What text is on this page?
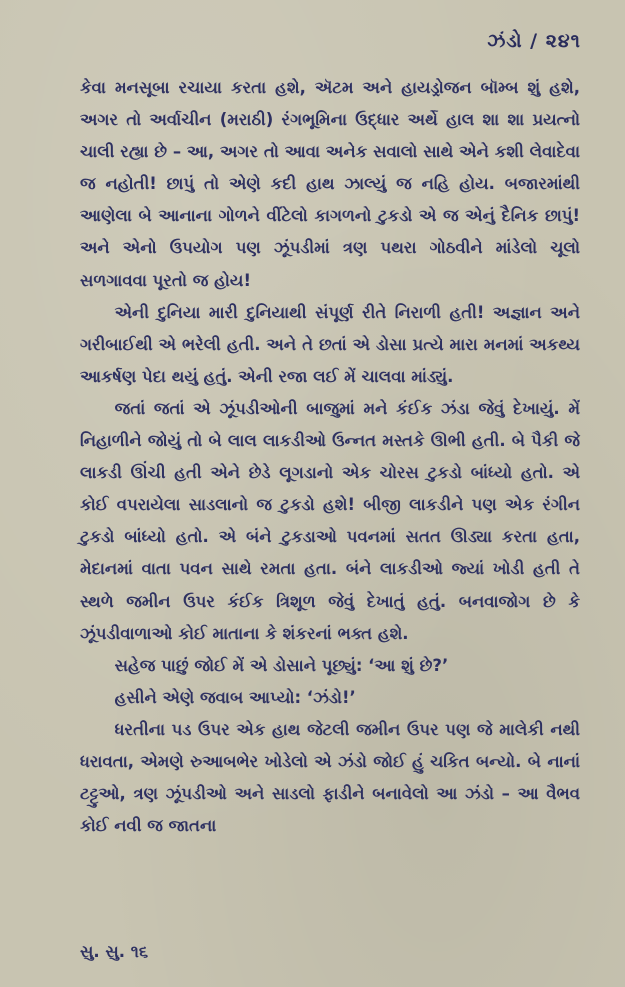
ઝંડો / ૨૪૧

કેવા મનસૂબા રચાયા કરતા હશે, ઍટમ અને હાયડ્રોજન બૉમ્બ શું હશે, અગર તો અર્વાચીન (મરાઠી) રંગભૂમિના ઉદ્ધાર અર્થે હાલ શા શા પ્રયત્નો ચાલી રહ્યા છે – આ, અગર તો આવા અનેક સવાલો સાથે એને કશી લેવાદેવા જ નહોતી! છાપું તો એણે કદી હાથ ઝાલ્યું જ નહિ હોય. બજારમાંથી આણેલા બે આનાના ગોળને વીંટેલો કાગળનો ટુકડો એ જ એનું દૈનિક છાપું! અને એનો ઉપયોગ પણ ઝૂંપડીમાં ત્રણ પથરા ગોઠવીને માંડેલો ચૂલો સળગાવવા પૂરતો જ હોય!

એની દુનિયા મારી દુનિયાથી સંપૂર્ણ રીતે નિરાળી હતી! અજ્ઞાન અને ગરીબાઈથી એ ભરેલી હતી. અને તે છતાં એ ડોસા પ્રત્યે મારા મનમાં અકથ્ય આકર્ષણ પેદા થયું હતું. એની રજા લઈ મેં ચાલવા માંડ્યું.

જતાં જતાં એ ઝૂંપડીઓની બાજુમાં મને કંઈક ઝંડા જેવું દેખાયું. મેં નિહાળીને જોયું તો બે લાલ લાકડીઓ ઉન્નત મસ્તકે ઊભી હતી. બે પૈકી જે લાકડી ઊંચી હતી એને છેડે લૂગડાનો એક ચોરસ ટુકડો બાંધ્યો હતો. એ કોઈ વપરાયેલા સાડલાનો જ ટુકડો હશે! બીજી લાકડીને પણ એક રંગીન ટુકડો બાંધ્યો હતો. એ બંને ટુકડાઓ પવનમાં સતત ઊડ્યા કરતા હતા, મેદાનમાં વાતા પવન સાથે રમતા હતા. બંને લાકડીઓ જ્યાં ખોડી હતી તે સ્થળે જમીન ઉપર કંઈક ત્રિશૂળ જેવું દેખાતું હતું. બનવાજોગ છે કે ઝૂંપડીવાળાઓ કોઈ માતાના કે શંકરનાં ભક્ત હશે.

સહેજ પાછું જોઈ મેં એ ડોસાને પૂછ્યું: ‘આ શું છે?’

હસીને એણે જવાબ આપ્યો: ‘ઝંડો!’

ધરતીના પડ ઉપર એક હાથ જેટલી જમીન ઉપર પણ જે માલેકી નથી ધરાવતા, એમણે રુઆબભેર ખોડેલો એ ઝંડો જોઈ હું ચકિત બન્યો. બે નાનાં ટટ્ટુઓ, ત્રણ ઝૂંપડીઓ અને સાડલો ફાડીને બનાવેલો આ ઝંડો – આ વૈભવ કોઈ નવી જ જાતના

સુ. સુ. ૧૬
